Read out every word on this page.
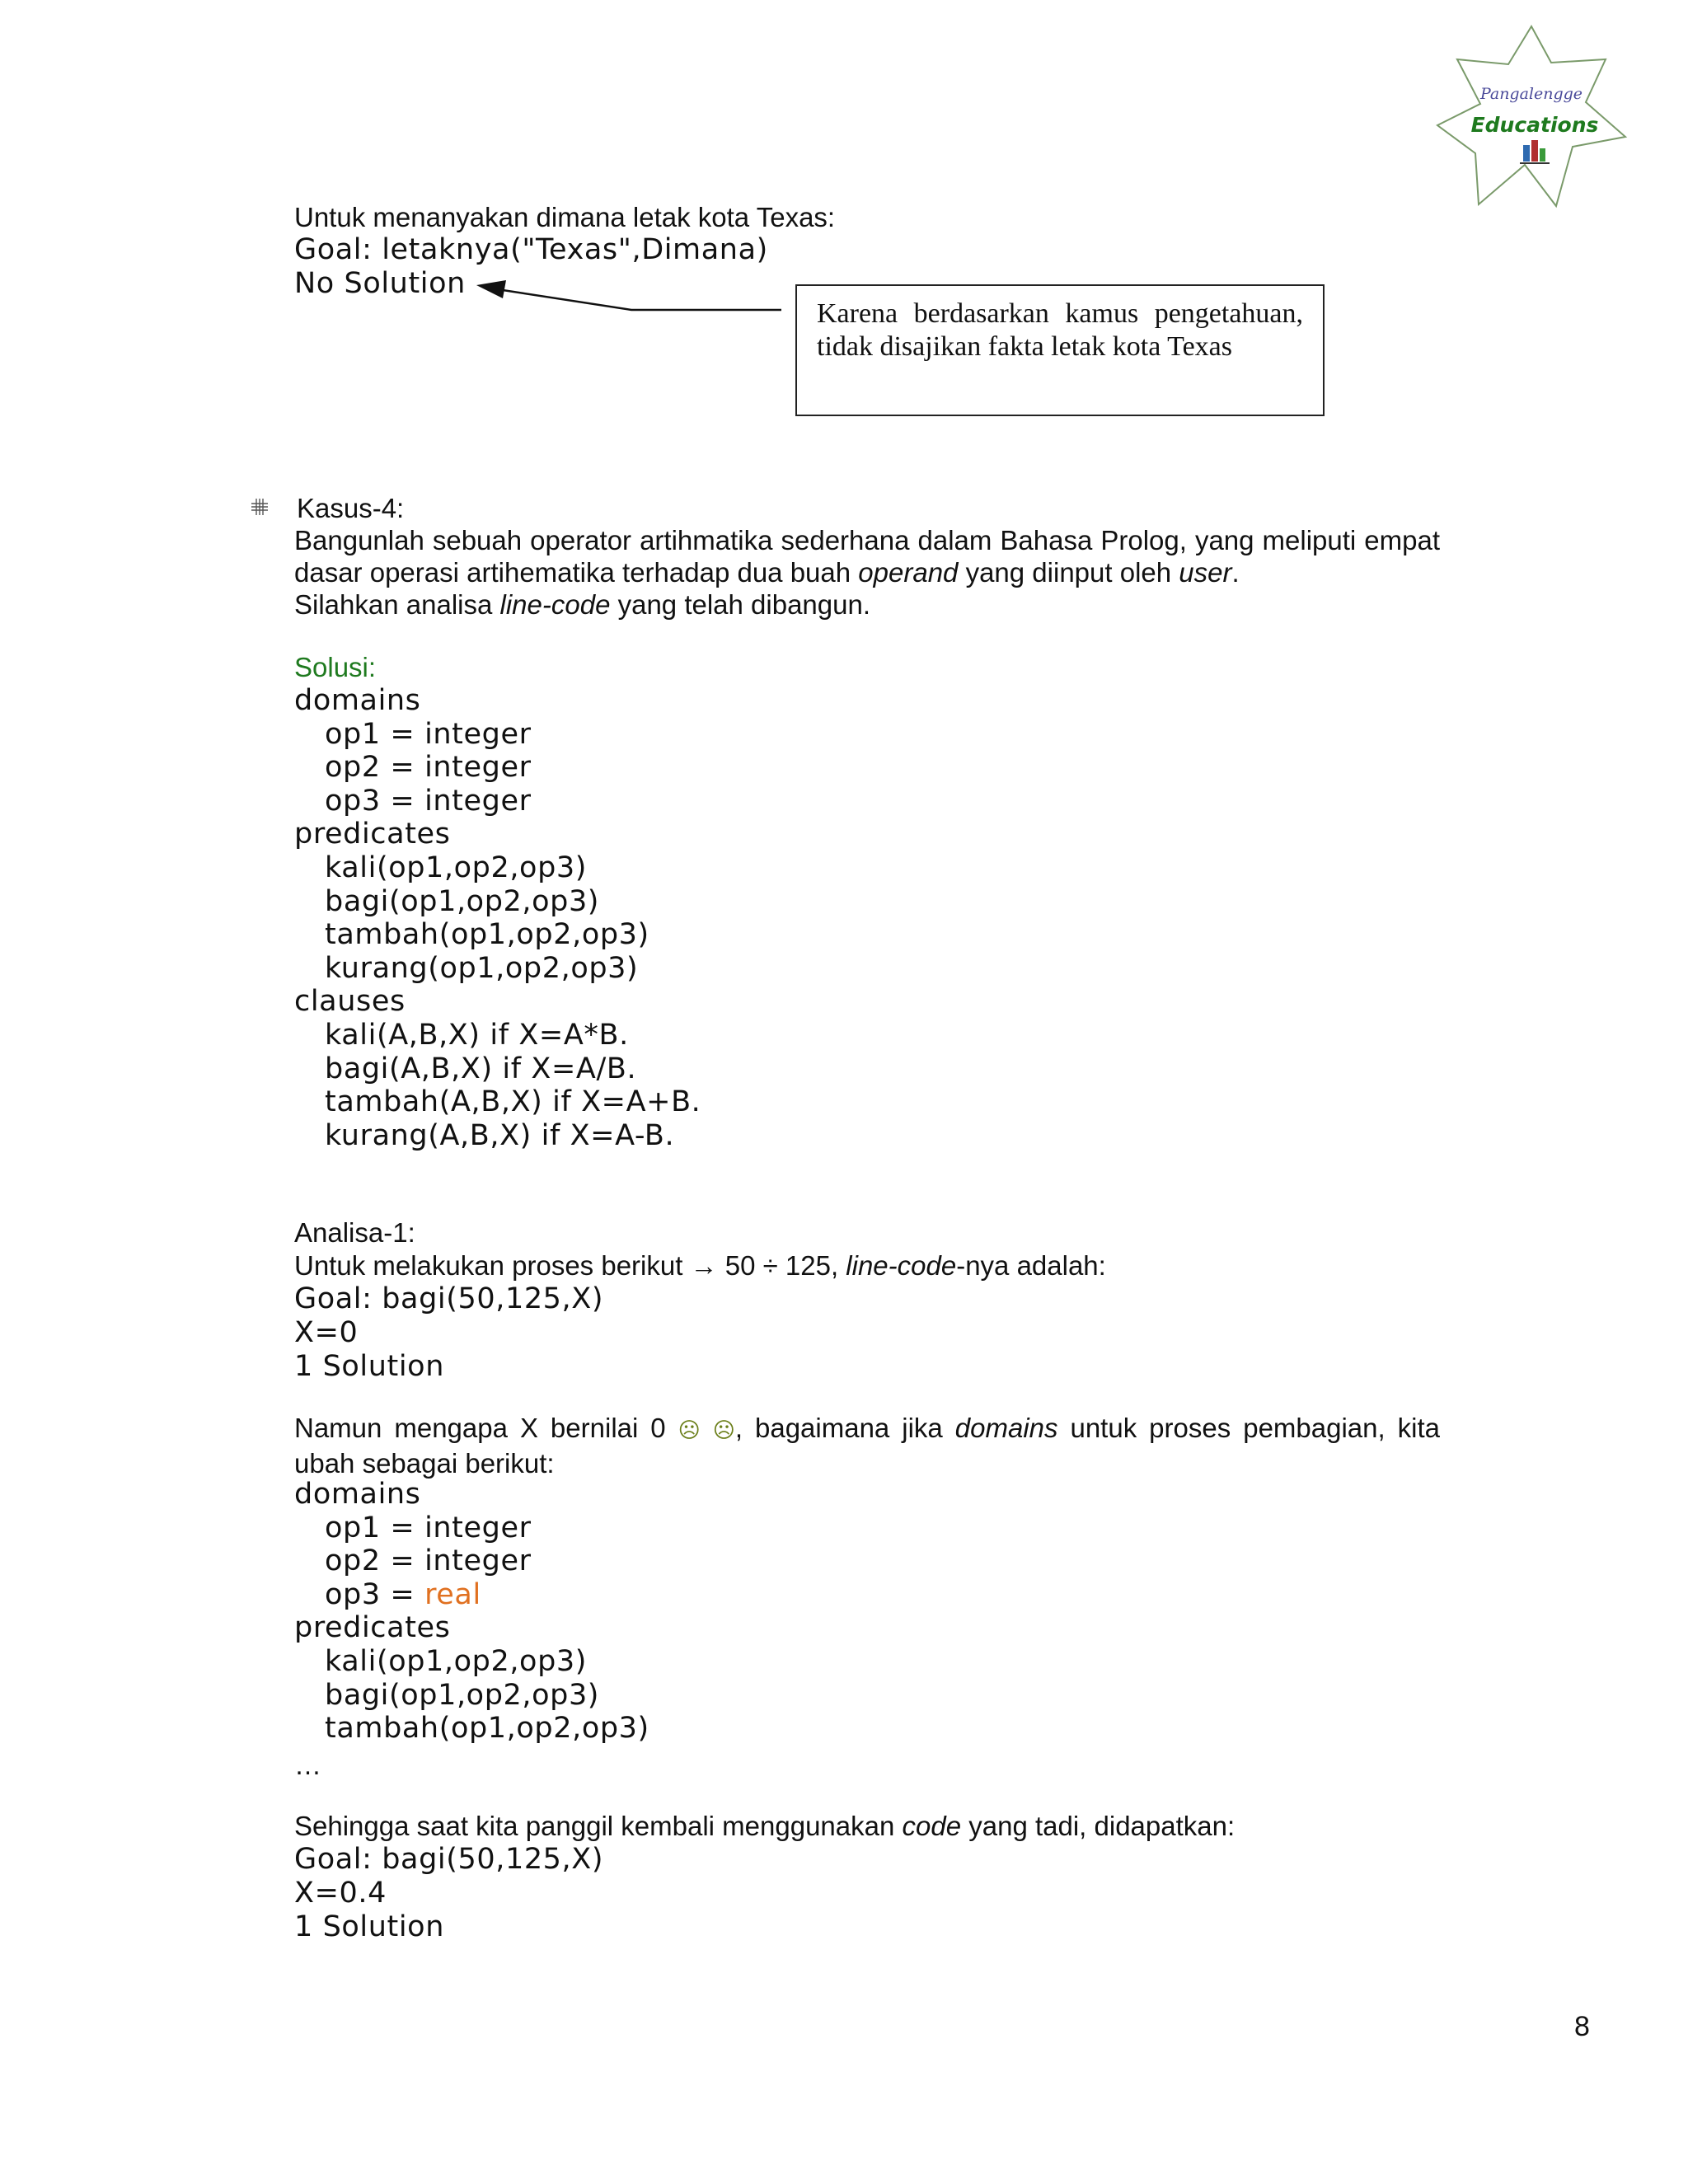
Pangalengge
Educations
Untuk menanyakan dimana letak kota Texas:
Goal: letaknya("Texas",Dimana)
No Solution
Karena berdasarkan kamus pengetahuan, tidak disajikan fakta letak kota Texas
Kasus-4:
Bangunlah sebuah operator artihmatika sederhana dalam Bahasa Prolog, yang meliputi empat dasar operasi artihematika terhadap dua buah operand yang diinput oleh user.
Silahkan analisa line-code yang telah dibangun.
Solusi:
domains
op1 = integer
op2 = integer
op3 = integer
predicates
kali(op1,op2,op3)
bagi(op1,op2,op3)
tambah(op1,op2,op3)
kurang(op1,op2,op3)
clauses
kali(A,B,X) if X=A*B.
bagi(A,B,X) if X=A/B.
tambah(A,B,X) if X=A+B.
kurang(A,B,X) if X=A-B.
Analisa-1:
Untuk melakukan proses berikut → 50 ÷ 125, line-code-nya adalah:
Goal: bagi(50,125,X)
X=0
1 Solution
Namun mengapa X bernilai 0 ☹ ☹, bagaimana jika domains untuk proses pembagian, kita ubah sebagai berikut:
domains
op1 = integer
op2 = integer
op3 = real
predicates
kali(op1,op2,op3)
bagi(op1,op2,op3)
tambah(op1,op2,op3)
…
Sehingga saat kita panggil kembali menggunakan code yang tadi, didapatkan:
Goal: bagi(50,125,X)
X=0.4
1 Solution
8
